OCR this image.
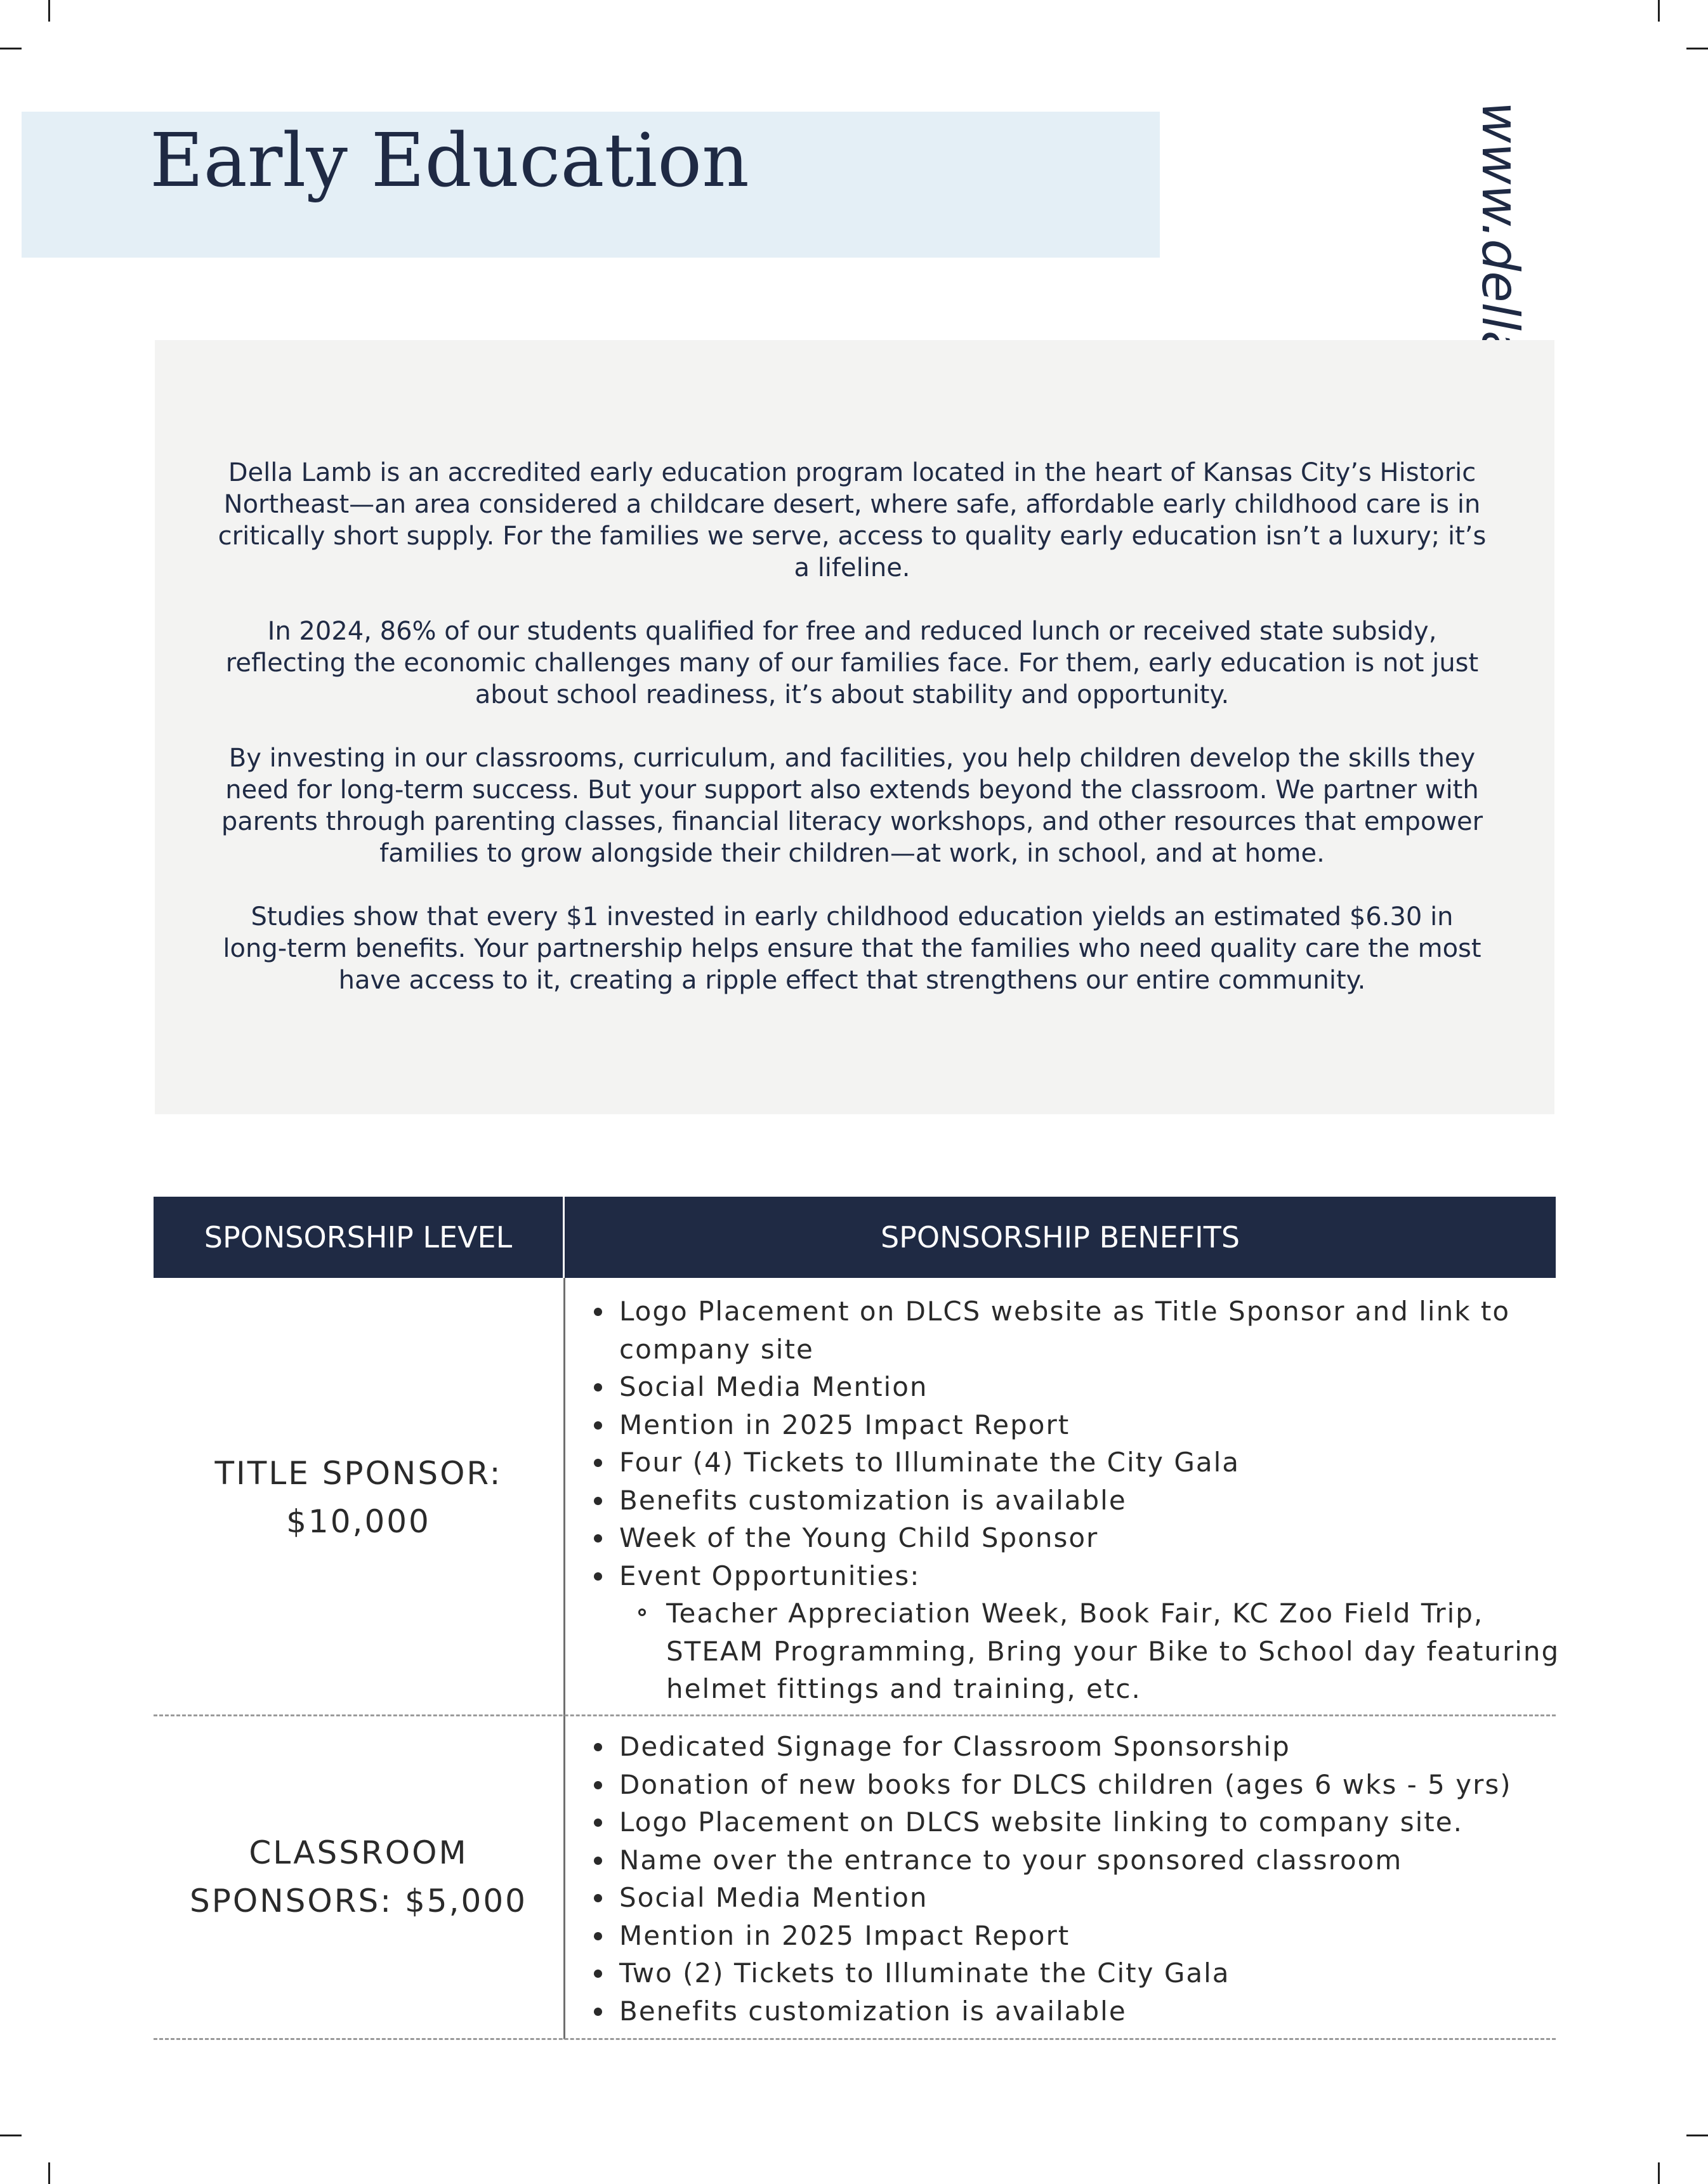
Early Education

Della Lamb is an accredited early education program located in the heart of Kansas City’s Historic Northeast—an area considered a childcare desert, where safe, affordable early childhood care is in critically short supply. For the families we serve, access to quality early education isn’t a luxury; it’s a lifeline.

In 2024, 86% of our students qualified for free and reduced lunch or received state subsidy, reflecting the economic challenges many of our families face. For them, early education is not just about school readiness, it’s about stability and opportunity.

By investing in our classrooms, curriculum, and facilities, you help children develop the skills they need for long-term success. But your support also extends beyond the classroom. We partner with parents through parenting classes, financial literacy workshops, and other resources that empower families to grow alongside their children—at work, in school, and at home.

Studies show that every $1 invested in early childhood education yields an estimated $6.30 in long-term benefits. Your partnership helps ensure that the families who need quality care the most have access to it, creating a ripple effect that strengthens our entire community.

SPONSORSHIP LEVEL	SPONSORSHIP BENEFITS
TITLE SPONSOR:
$10,000
Logo Placement on DLCS website as Title Sponsor and link to company site
Social Media Mention
Mention in 2025 Impact Report
Four (4) Tickets to Illuminate the City Gala
Benefits customization is available
Week of the Young Child Sponsor
Event Opportunities:
Teacher Appreciation Week, Book Fair, KC Zoo Field Trip, STEAM Programming, Bring your Bike to School day featuring helmet fittings and training, etc.
CLASSROOM
SPONSORS: $5,000
Dedicated Signage for Classroom Sponsorship
Donation of new books for DLCS children (ages 6 wks - 5 yrs)
Logo Placement on DLCS website linking to company site.
Name over the entrance to your sponsored classroom
Social Media Mention
Mention in 2025 Impact Report
Two (2) Tickets to Illuminate the City Gala
Benefits customization is available
